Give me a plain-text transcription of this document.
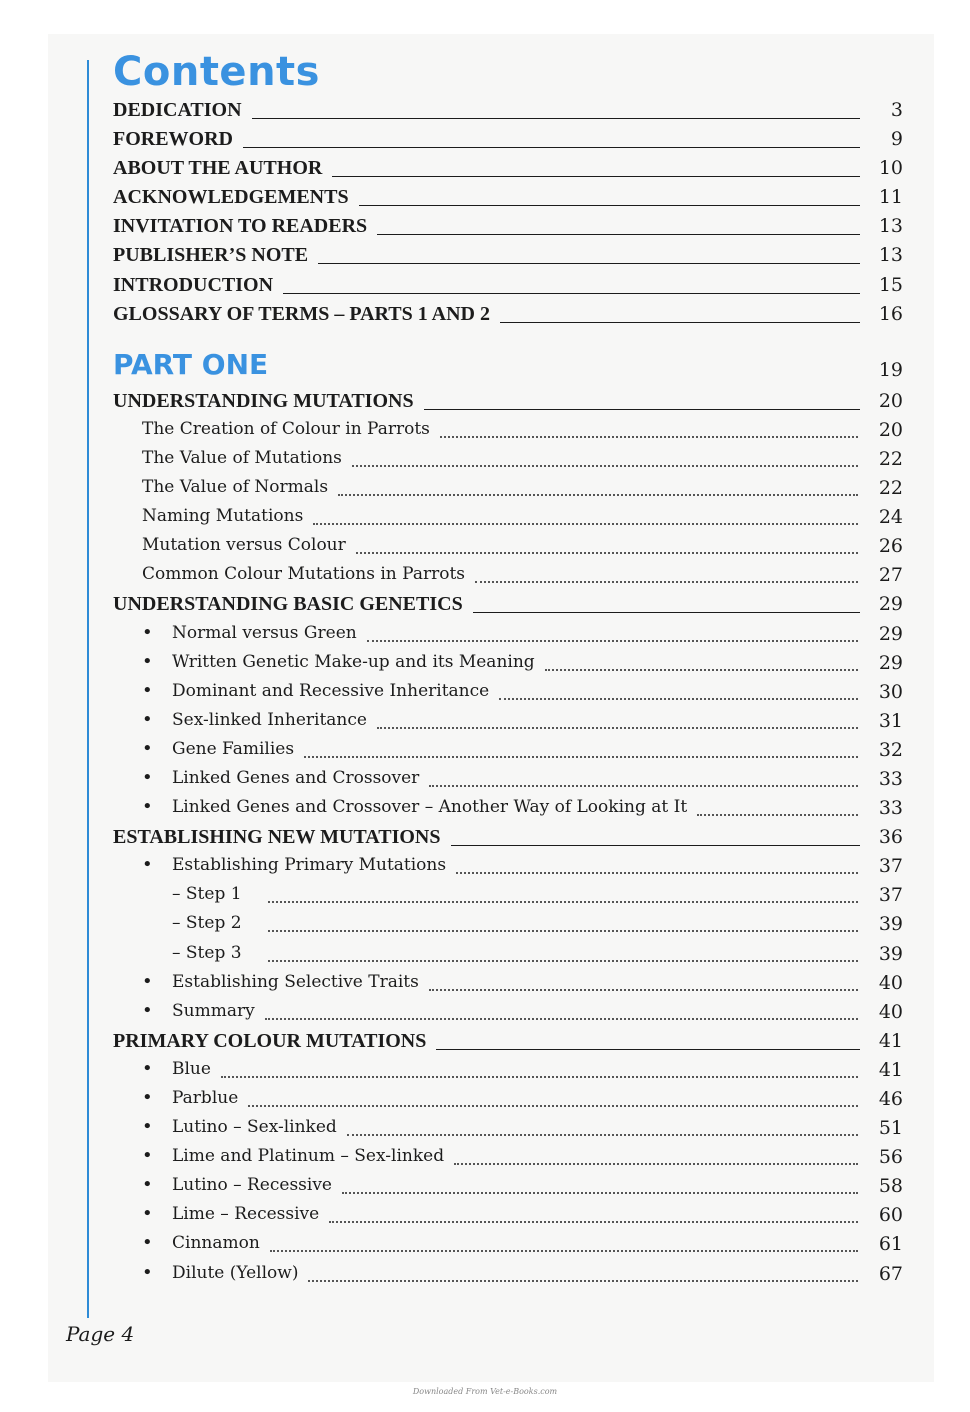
Contents
DEDICATION	3
FOREWORD	9
ABOUT THE AUTHOR	10
ACKNOWLEDGEMENTS	11
INVITATION TO READERS	13
PUBLISHER’S NOTE	13
INTRODUCTION	15
GLOSSARY OF TERMS – PARTS 1 AND 2	16
PART ONE	19
UNDERSTANDING MUTATIONS	20
The Creation of Colour in Parrots	20
The Value of Mutations	22
The Value of Normals	22
Naming Mutations	24
Mutation versus Colour	26
Common Colour Mutations in Parrots	27
UNDERSTANDING BASIC GENETICS	29
• Normal versus Green	29
• Written Genetic Make-up and its Meaning	29
• Dominant and Recessive Inheritance	30
• Sex-linked Inheritance	31
• Gene Families	32
• Linked Genes and Crossover	33
• Linked Genes and Crossover – Another Way of Looking at It	33
ESTABLISHING NEW MUTATIONS	36
• Establishing Primary Mutations	37
– Step 1	37
– Step 2	39
– Step 3	39
• Establishing Selective Traits	40
• Summary	40
PRIMARY COLOUR MUTATIONS	41
• Blue	41
• Parblue	46
• Lutino – Sex-linked	51
• Lime and Platinum – Sex-linked	56
• Lutino – Recessive	58
• Lime – Recessive	60
• Cinnamon	61
• Dilute (Yellow)	67
Page 4
Downloaded From Vet-e-Books.com
